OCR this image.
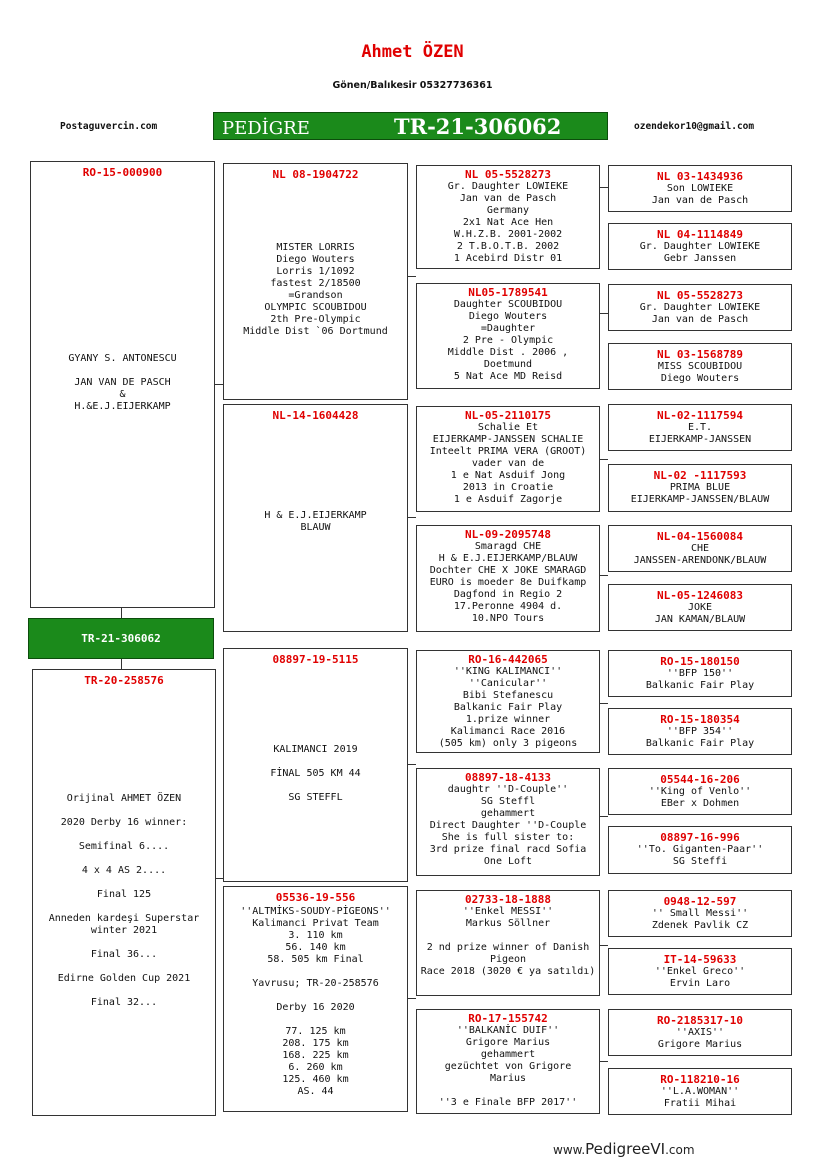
Ahmet ÖZEN
Gönen/Balıkesir 05327736361
Postaguvercin.com	ozendekor10@gmail.com
PEDİGRE	TR-21-306062
RO-15-000900
GYANY S. ANTONESCU

JAN VAN DE PASCH
&
H.&E.J.EIJERKAMP
TR-21-306062
TR-20-258576
Orijinal AHMET ÖZEN

2020 Derby 16 winner:

Semifinal 6....

4 x 4 AS 2....

Final 125

Anneden kardeşi Superstar winter 2021

Final 36...

Edirne Golden Cup 2021

Final 32...
NL 08-1904722
MISTER LORRIS
Diego Wouters
Lorris 1/1092
fastest 2/18500
=Grandson
OLYMPIC SCOUBIDOU
2th Pre-Olympic
Middle Dist `06 Dortmund
NL-14-1604428
H & E.J.EIJERKAMP
BLAUW
08897-19-5115
KALIMANCI 2019

FİNAL 505 KM 44

SG STEFFL
05536-19-556
''ALTMİKS-SOUDY-PİGEONS''
Kalimanci Privat Team
3. 110 km
56. 140 km
58. 505 km Final

Yavrusu; TR-20-258576

Derby 16 2020

77. 125 km
208. 175 km
168. 225 km
6. 260 km
125. 460 km
AS. 44
NL 05-5528273
Gr. Daughter LOWIEKE
Jan van de Pasch
Germany
2x1 Nat Ace Hen
W.H.Z.B. 2001-2002
2 T.B.O.T.B. 2002
1 Acebird Distr 01
NL05-1789541
Daughter SCOUBIDOU
Diego Wouters
=Daughter
2 Pre - Olympic
Middle Dist . 2006 ,
Doetmund
5 Nat Ace MD Reisd
NL-05-2110175
Schalie Et
EIJERKAMP-JANSSEN SCHALIE
Inteelt PRIMA VERA (GROOT)
vader van de
1 e Nat Asduif Jong
2013 in Croatie
1 e Asduif Zagorje
NL-09-2095748
Smaragd CHE
H & E.J.EIJERKAMP/BLAUW
Dochter CHE X JOKE SMARAGD
EURO is moeder 8e Duifkamp
Dagfond in Regio 2
17.Peronne 4904 d.
10.NPO Tours
RO-16-442065
''KING KALIMANCI''
''Canicular''
Bibi Stefanescu
Balkanic Fair Play
1.prize winner
Kalimanci Race 2016
(505 km) only 3 pigeons
08897-18-4133
daughtr ''D-Couple''
SG Steffl
gehammert
Direct Daughter ''D-Couple
She is full sister to:
3rd prize final racd Sofia
One Loft
02733-18-1888
''Enkel MESSI''
Markus Söllner

2 nd prize winner of Danish Pigeon
Race 2018 (3020 € ya satıldı)
RO-17-155742
''BALKANİC DUIF''
Grigore Marius
gehammert
gezüchtet von Grigore
Marius

''3 e Finale BFP 2017''
NL 03-1434936
Son LOWIEKE
Jan van de Pasch
NL 04-1114849
Gr. Daughter LOWIEKE
Gebr Janssen
NL 05-5528273
Gr. Daughter LOWIEKE
Jan van de Pasch
NL 03-1568789
MISS SCOUBIDOU
Diego Wouters
NL-02-1117594
E.T.
EIJERKAMP-JANSSEN
NL-02 -1117593
PRIMA BLUE
EIJERKAMP-JANSSEN/BLAUW
NL-04-1560084
CHE
JANSSEN-ARENDONK/BLAUW
NL-05-1246083
JOKE
JAN KAMAN/BLAUW
RO-15-180150
''BFP 150''
Balkanic Fair Play
RO-15-180354
''BFP 354''
Balkanic Fair Play
05544-16-206
''King of Venlo''
EBer x Dohmen
08897-16-996
''To. Giganten-Paar''
SG Steffi
0948-12-597
'' Small Messi''
Zdenek Pavlik CZ
IT-14-59633
''Enkel Greco''
Ervin Laro
RO-2185317-10
''AXIS''
Grigore Marius
RO-118210-16
''L.A.WOMAN''
Fratii Mihai
www.PedigreeVI.com
